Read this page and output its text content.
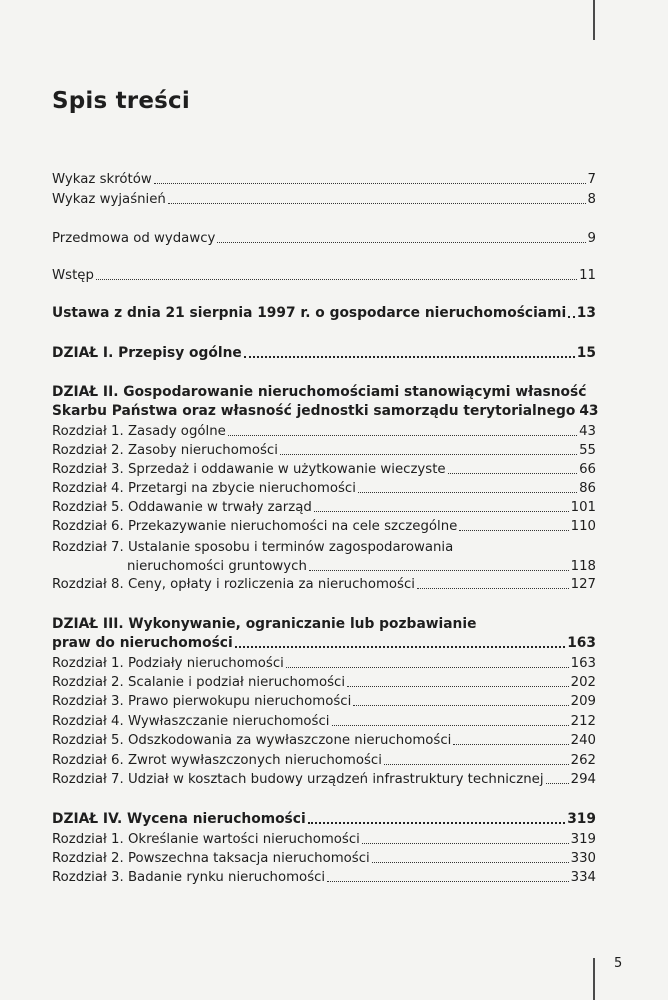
Spis treści
Wykaz skrótów	7
Wykaz wyjaśnień	8
Przedmowa od wydawcy	9
Wstęp	11
Ustawa z dnia 21 sierpnia 1997 r. o gospodarce nieruchomościami 13
DZIAŁ I. Przepisy ogólne	15
DZIAŁ II. Gospodarowanie nieruchomościami stanowiącymi własność
Skarbu Państwa oraz własność jednostki samorządu terytorialnego 43
Rozdział 1. Zasady ogólne	43
Rozdział 2. Zasoby nieruchomości	55
Rozdział 3. Sprzedaż i oddawanie w użytkowanie wieczyste	66
Rozdział 4. Przetargi na zbycie nieruchomości	86
Rozdział 5. Oddawanie w trwały zarząd	101
Rozdział 6. Przekazywanie nieruchomości na cele szczególne	110
Rozdział 7. Ustalanie sposobu i terminów zagospodarowania
nieruchomości gruntowych	118
Rozdział 8. Ceny, opłaty i rozliczenia za nieruchomości	127
DZIAŁ III. Wykonywanie, ograniczanie lub pozbawianie
praw do nieruchomości	163
Rozdział 1. Podziały nieruchomości	163
Rozdział 2. Scalanie i podział nieruchomości	202
Rozdział 3. Prawo pierwokupu nieruchomości	209
Rozdział 4. Wywłaszczanie nieruchomości	212
Rozdział 5. Odszkodowania za wywłaszczone nieruchomości	240
Rozdział 6. Zwrot wywłaszczonych nieruchomości	262
Rozdział 7. Udział w kosztach budowy urządzeń infrastruktury technicznej 294
DZIAŁ IV. Wycena nieruchomości	319
Rozdział 1. Określanie wartości nieruchomości	319
Rozdział 2. Powszechna taksacja nieruchomości	330
Rozdział 3. Badanie rynku nieruchomości	334
5
